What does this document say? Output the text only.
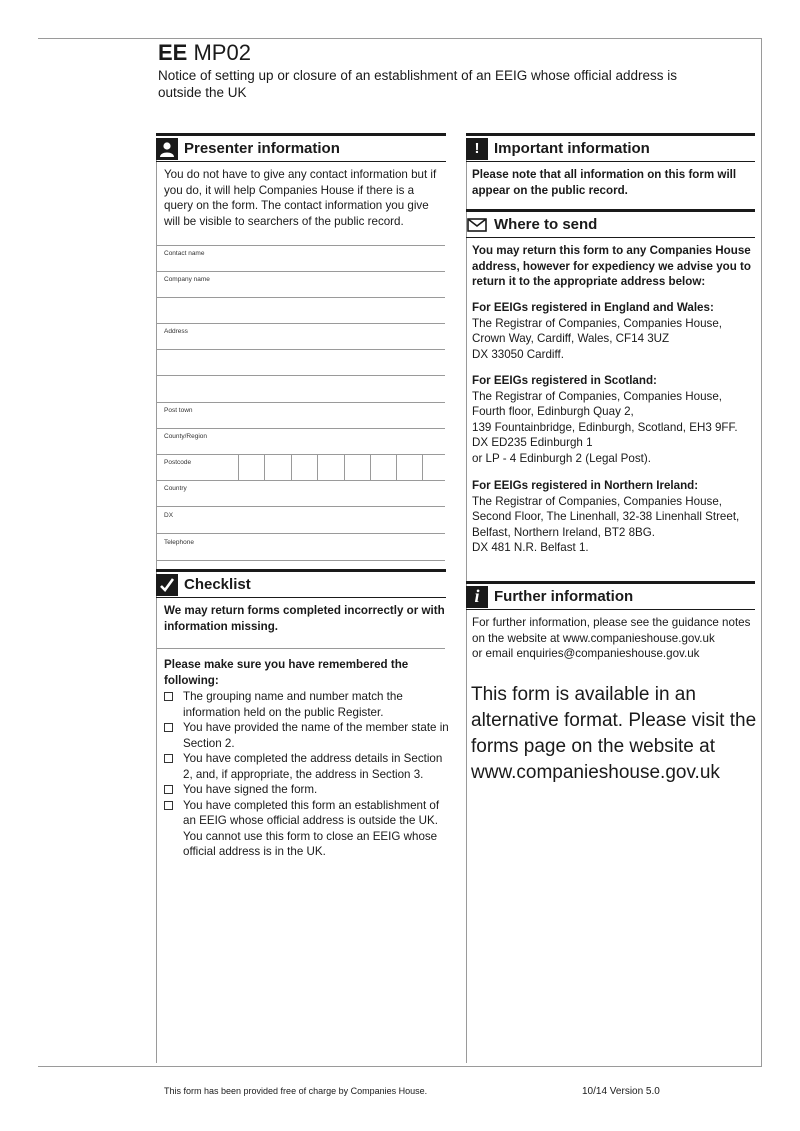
EE MP02
Notice of setting up or closure of an establishment of an EEIG whose official address is outside the UK
Presenter information
You do not have to give any contact information but if you do, it will help Companies House if there is a query on the form. The contact information you give will be visible to searchers of the public record.
Contact name
Company name
Address
Post town
County/Region
Postcode
Country
DX
Telephone
Checklist
We may return forms completed incorrectly or with information missing.
Please make sure you have remembered the following:
The grouping name and number match the information held on the public Register.
You have provided the name of the member state in Section 2.
You have completed the address details in Section 2, and, if appropriate, the address in Section 3.
You have signed the form.
You have completed this form an establishment of an EEIG whose official address is outside the UK. You cannot use this form to close an EEIG whose official address is in the UK.
! Important information
Please note that all information on this form will appear on the public record.
Where to send
You may return this form to any Companies House address, however for expediency we advise you to return it to the appropriate address below:
For EEIGs registered in England and Wales:
The Registrar of Companies, Companies House,
Crown Way, Cardiff, Wales, CF14 3UZ
DX 33050 Cardiff.
For EEIGs registered in Scotland:
The Registrar of Companies, Companies House,
Fourth floor, Edinburgh Quay 2,
139 Fountainbridge, Edinburgh, Scotland, EH3 9FF.
DX ED235 Edinburgh 1
or LP - 4 Edinburgh 2 (Legal Post).
For EEIGs registered in Northern Ireland:
The Registrar of Companies, Companies House,
Second Floor, The Linenhall, 32-38 Linenhall Street,
Belfast, Northern Ireland, BT2 8BG.
DX 481 N.R. Belfast 1.
i Further information
For further information, please see the guidance notes
on the website at www.companieshouse.gov.uk
or email enquiries@companieshouse.gov.uk
This form is available in an alternative format. Please visit the forms page on the website at www.companieshouse.gov.uk
This form has been provided free of charge by Companies House.	10/14 Version 5.0
